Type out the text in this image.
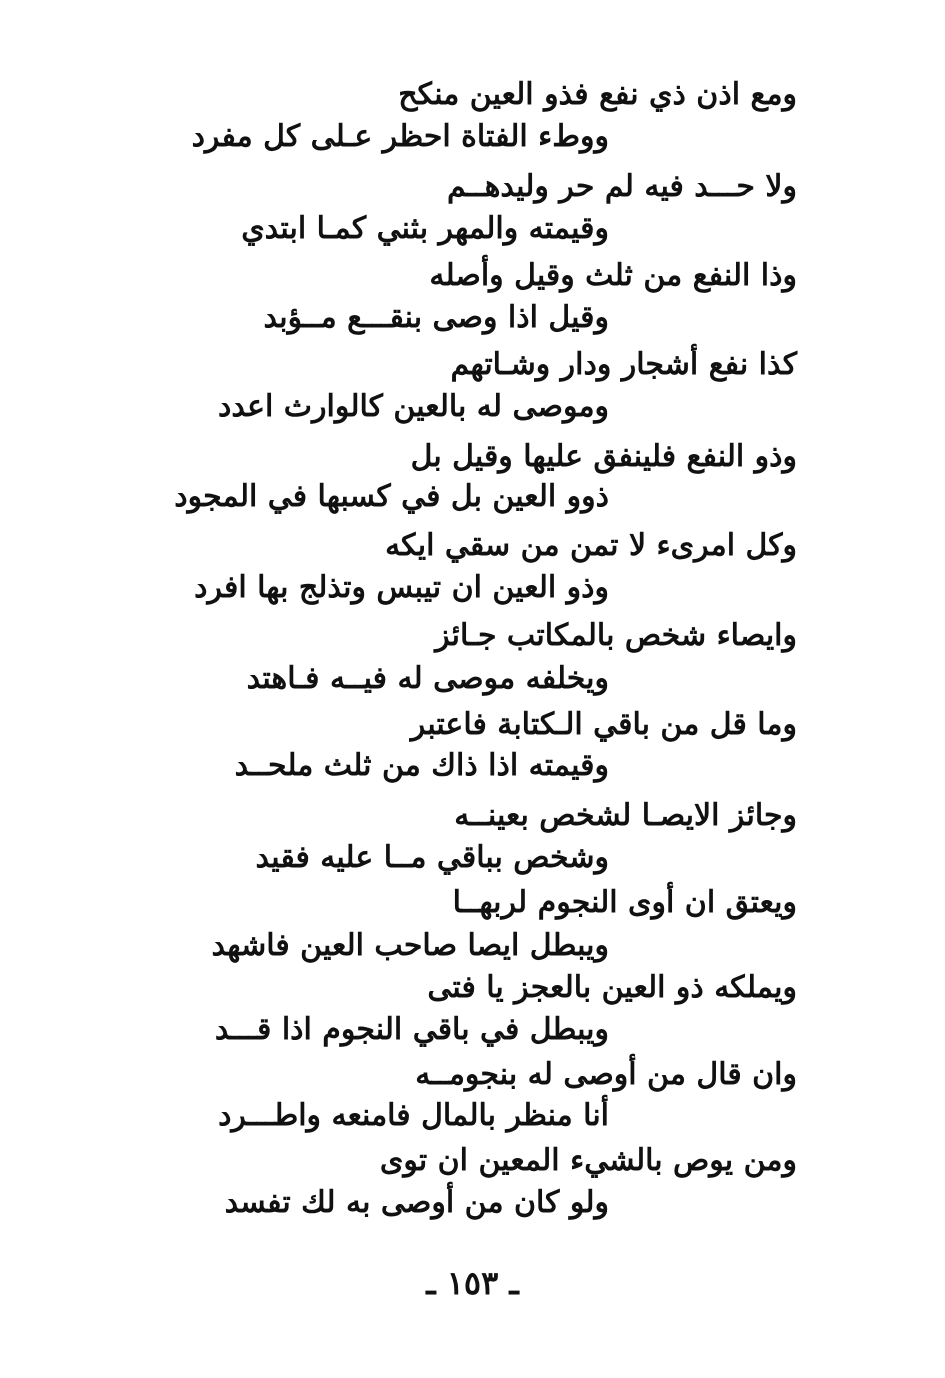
ومع اذن ذي نفع فذو العين منكح
ووطء الفتاة احظر عـلى كل مفرد
ولا حـــد فيه لم حر وليدهــم
وقيمته والمهر بثني كمـا ابتدي
وذا النفع من ثلث وقيل وأصله
وقيل اذا وصى بنقـــع مــؤبد
كذا نفع أشجار ودار وشـاتهم
وموصى له بالعين كالوارث اعدد
وذو النفع فلينفق عليها وقيل بل
ذوو العين بل في كسبها في المجود
وكل امرىء لا تمن من سقي ايكه
وذو العين ان تيبس وتذلج بها افرد
وايصاء شخص بالمكاتب جـائز
ويخلفه موصى له فيــه فـاهتد
وما قل من باقي الـكتابة فاعتبر
وقيمته اذا ذاك من ثلث ملحــد
وجائز الايصـا لشخص بعينــه
وشخص بباقي مــا عليه فقيد
ويعتق ان أوى النجوم لربهــا
ويبطل ايصا صاحب العين فاشهد
ويملكه ذو العين بالعجز يا فتى
ويبطل في باقي النجوم اذا قـــد
وان قال من أوصى له بنجومــه
أنا منظر بالمال فامنعه واطـــرد
ومن يوص بالشيء المعين ان توى
ولو كان من أوصى به لك تفسد
ـ ١٥٣ ـ
